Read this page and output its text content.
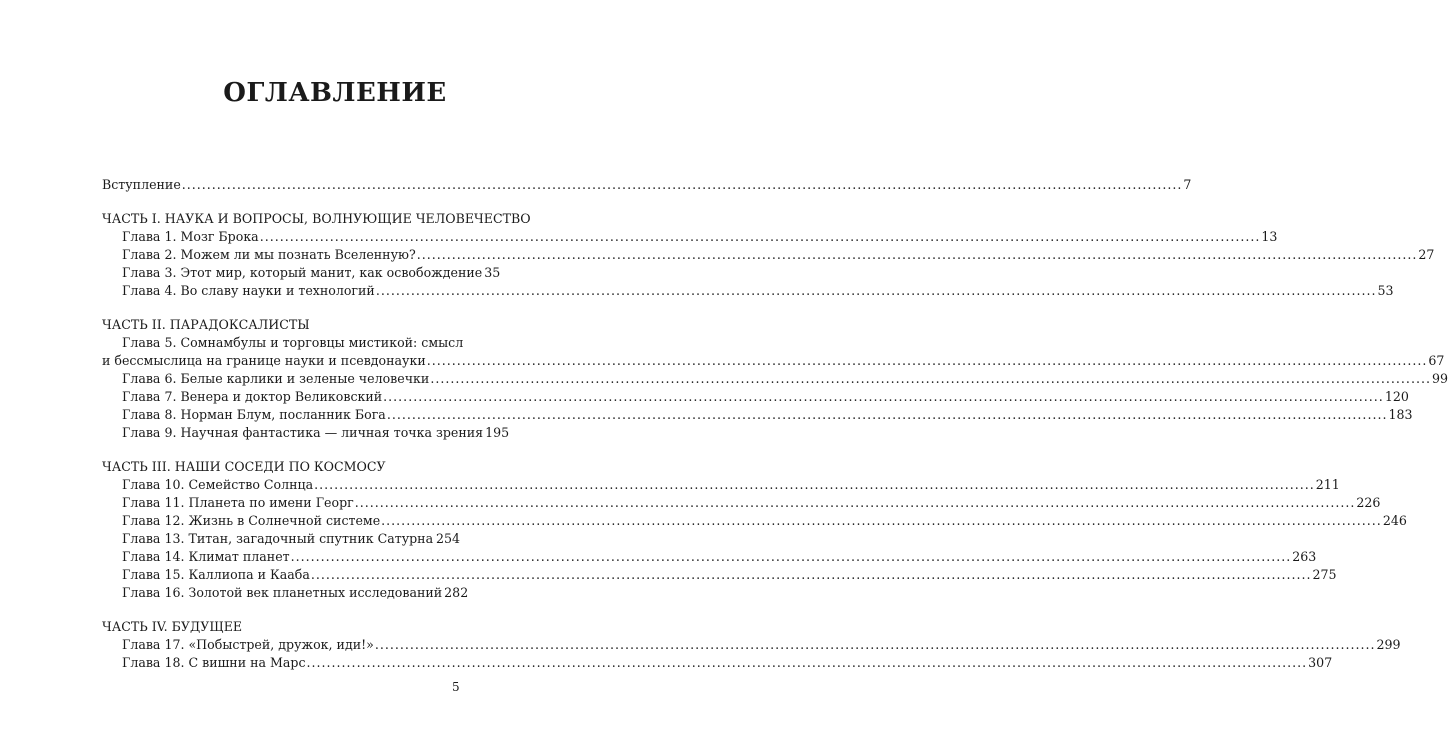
ОГЛАВЛЕНИЕ
Вступление ........................................................................................................................................................................................................ 7
ЧАСТЬ I. НАУКА И ВОПРОСЫ, ВОЛНУЮЩИЕ ЧЕЛОВЕЧЕСТВО
Глава 1. Мозг Брока ........................................................................................................................................................................................................ 13
Глава 2. Можем ли мы познать Вселенную? ........................................................................................................................................................................................................ 27
Глава 3. Этот мир, который манит, как освобождение 35
Глава 4. Во славу науки и технологий ........................................................................................................................................................................................................ 53
ЧАСТЬ II. ПАРАДОКСАЛИСТЫ
Глава 5. Сомнамбулы и торговцы мистикой: смысл
и бессмыслица на границе науки и псевдонауки ........................................................................................................................................................................................................ 67
Глава 6. Белые карлики и зеленые человечки ........................................................................................................................................................................................................ 99
Глава 7. Венера и доктор Великовский ........................................................................................................................................................................................................ 120
Глава 8. Норман Блум, посланник Бога ........................................................................................................................................................................................................ 183
Глава 9. Научная фантастика — личная точка зрения 195
ЧАСТЬ III. НАШИ СОСЕДИ ПО КОСМОСУ
Глава 10. Семейство Солнца ........................................................................................................................................................................................................ 211
Глава 11. Планета по имени Георг ........................................................................................................................................................................................................ 226
Глава 12. Жизнь в Солнечной системе ........................................................................................................................................................................................................ 246
Глава 13. Титан, загадочный спутник Сатурна 254
Глава 14. Климат планет ........................................................................................................................................................................................................ 263
Глава 15. Каллиопа и Кааба ........................................................................................................................................................................................................ 275
Глава 16. Золотой век планетных исследований 282
ЧАСТЬ IV. БУДУЩЕЕ
Глава 17. «Побыстрей, дружок, иди!» ........................................................................................................................................................................................................ 299
Глава 18. С вишни на Марс ........................................................................................................................................................................................................ 307
5
